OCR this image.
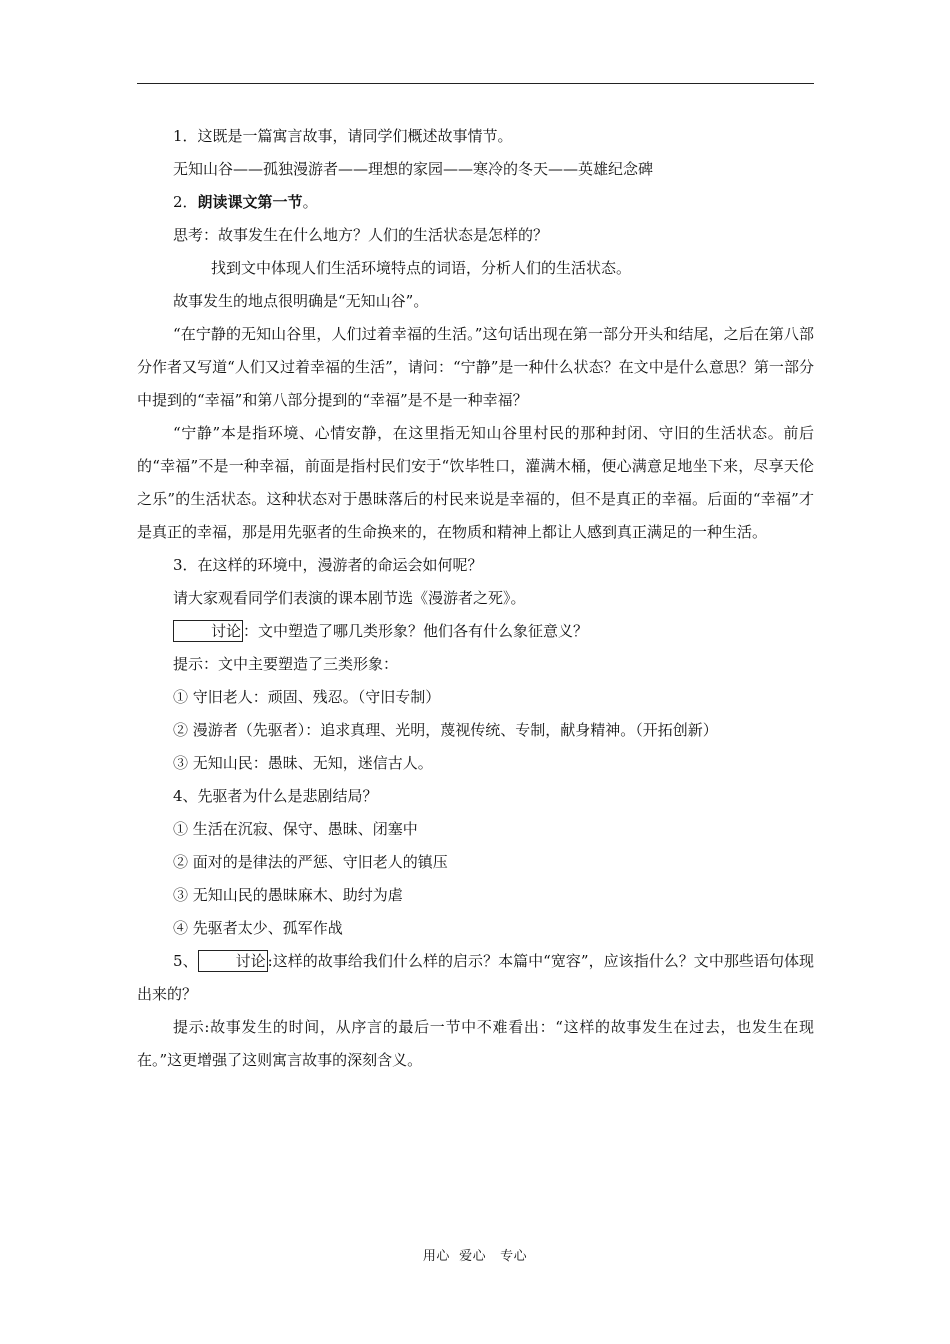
1．这既是一篇寓言故事，请同学们概述故事情节。

无知山谷——孤独漫游者——理想的家园——寒冷的冬天——英雄纪念碑

2．朗读课文第一节。

思考：故事发生在什么地方？人们的生活状态是怎样的？

找到文中体现人们生活环境特点的词语，分析人们的生活状态。

故事发生的地点很明确是“无知山谷”。

“在宁静的无知山谷里，人们过着幸福的生活。”这句话出现在第一部分开头和结尾，之后在第八部分作者又写道“人们又过着幸福的生活”，请问：“宁静”是一种什么状态？在文中是什么意思？第一部分中提到的“幸福”和第八部分提到的“幸福”是不是一种幸福？

“宁静”本是指环境、心情安静，在这里指无知山谷里村民的那种封闭、守旧的生活状态。前后的“幸福”不是一种幸福，前面是指村民们安于“饮毕牲口，灌满木桶，便心满意足地坐下来，尽享天伦之乐”的生活状态。这种状态对于愚昧落后的村民来说是幸福的，但不是真正的幸福。后面的“幸福”才是真正的幸福，那是用先驱者的生命换来的，在物质和精神上都让人感到真正满足的一种生活。

3．在这样的环境中，漫游者的命运会如何呢？

请大家观看同学们表演的课本剧节选《漫游者之死》。

讨论 ：文中塑造了哪几类形象？他们各有什么象征意义？

提示：文中主要塑造了三类形象：

① 守旧老人：顽固、残忍。（守旧专制）

② 漫游者（先驱者）：追求真理、光明，蔑视传统、专制，献身精神。（开拓创新）

③ 无知山民：愚昧、无知，迷信古人。

4、先驱者为什么是悲剧结局？

① 生活在沉寂、保守、愚昧、闭塞中

② 面对的是律法的严惩、守旧老人的镇压

③ 无知山民的愚昧麻木、助纣为虐

④ 先驱者太少、孤军作战

5、	讨论 :这样的故事给我们什么样的启示？本篇中“宽容”，应该指什么？文中那些语句体现出来的？

提示:故事发生的时间，从序言的最后一节中不难看出：“这样的故事发生在过去，也发生在现在。”这更增强了这则寓言故事的深刻含义。

用心  爱心   专心
